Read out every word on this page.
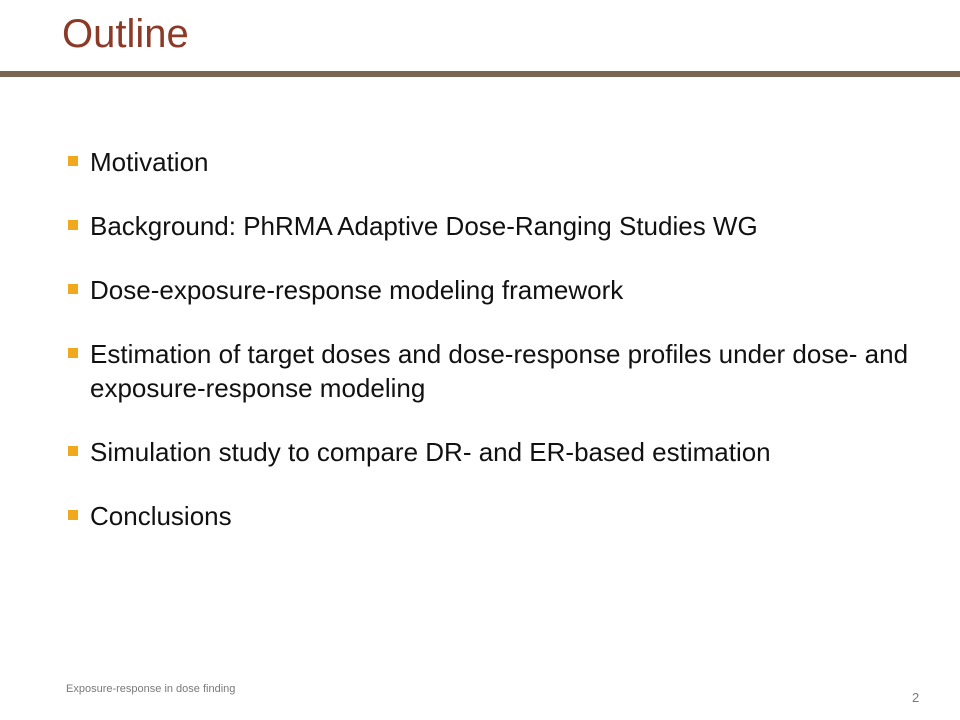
Outline
Motivation
Background: PhRMA Adaptive Dose-Ranging Studies WG
Dose-exposure-response modeling framework
Estimation of target doses and dose-response profiles under dose- and exposure-response modeling
Simulation study to compare DR- and ER-based estimation
Conclusions
Exposure-response in dose finding
2
